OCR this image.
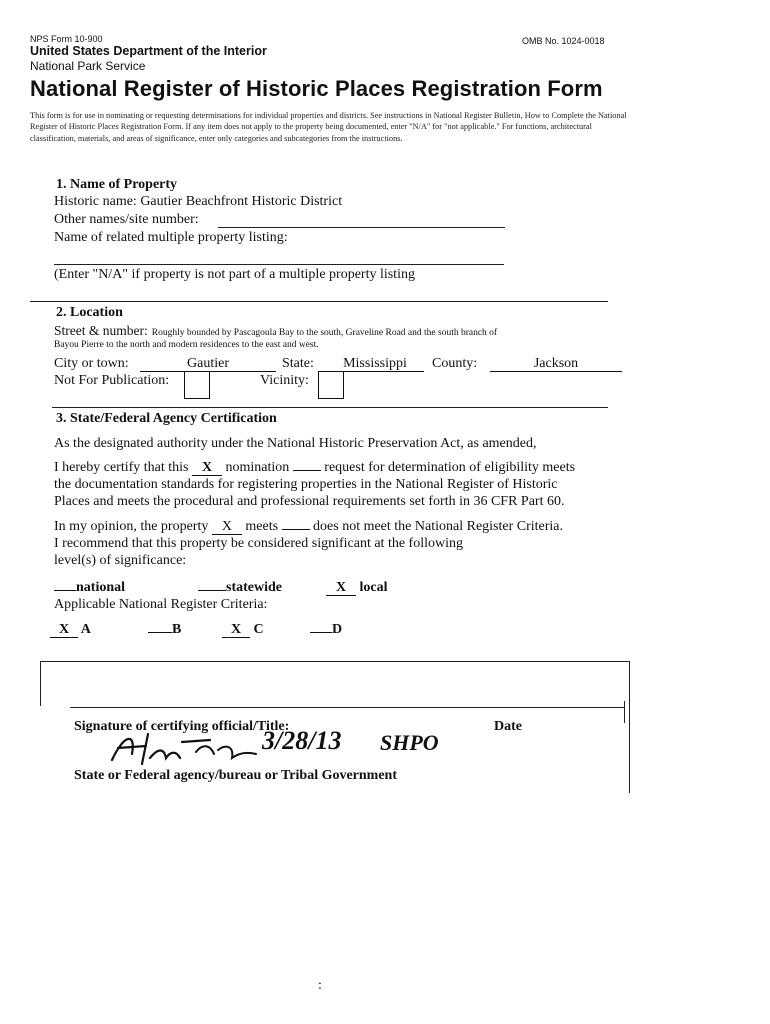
NPS Form 10-900	OMB No. 1024-0018
United States Department of the Interior
National Park Service
National Register of Historic Places Registration Form
This form is for use in nominating or requesting determinations for individual properties and districts. See instructions in National Register Bulletin, How to Complete the National Register of Historic Places Registration Form. If any item does not apply to the property being documented, enter "N/A" for "not applicable." For functions, architectural classification, materials, and areas of significance, enter only categories and subcategories from the instructions.
1. Name of Property
Historic name: Gautier Beachfront Historic District
Other names/site number:
Name of related multiple property listing:
(Enter "N/A" if property is not part of a multiple property listing
2. Location
Street & number: Roughly bounded by Pascagoula Bay to the south, Graveline Road and the south branch of
Bayou Pierre to the north and modern residences to the east and west.
City or town:	Gautier	State:	Mississippi	County:	Jackson
Not For Publication:	Vicinity:
3. State/Federal Agency Certification
As the designated authority under the National Historic Preservation Act, as amended,
I hereby certify that this X nomination	request for determination of eligibility meets
the documentation standards for registering properties in the National Register of Historic
Places and meets the procedural and professional requirements set forth in 36 CFR Part 60.
In my opinion, the property X meets	does not meet the National Register Criteria.
I recommend that this property be considered significant at the following
level(s) of significance:
national	statewide	X local
Applicable National Register Criteria:
X A	B	X C	D
Signature of certifying official/Title:	Date
3/28/13 SHPO
State or Federal agency/bureau or Tribal Government
:
